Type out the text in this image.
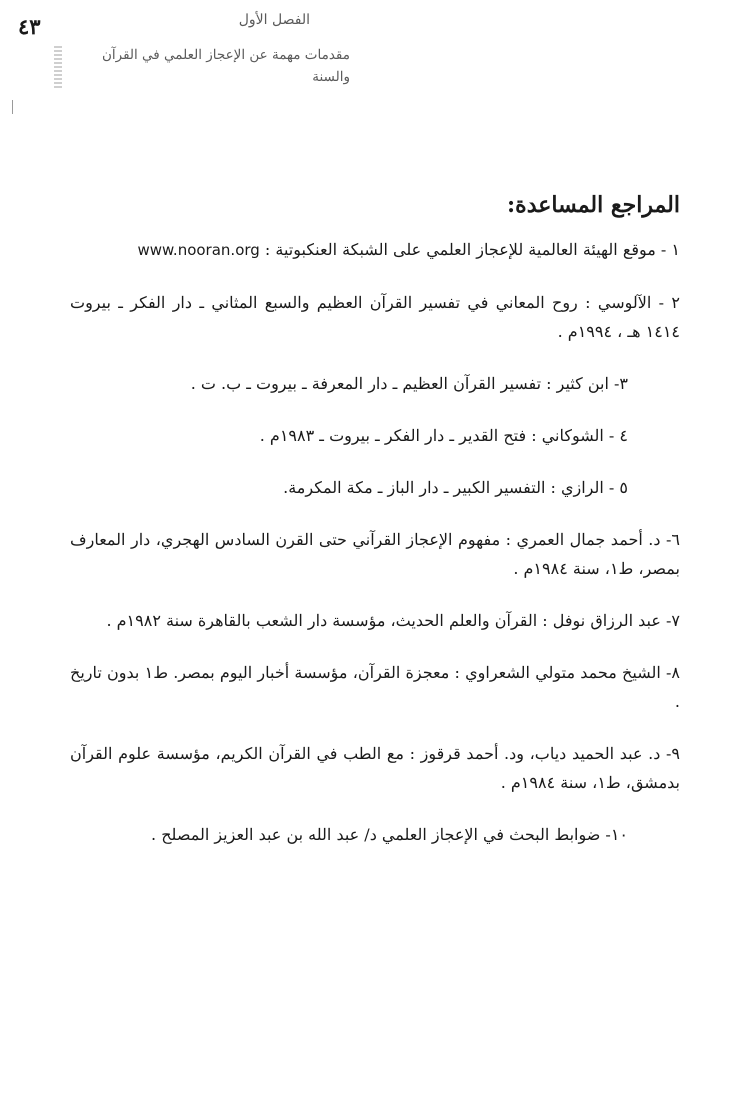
٤٣	الفصل الأول
مقدمات مهمة عن الإعجاز العلمي في القرآن والسنة
المراجع المساعدة:
١ - موقع الهيئة العالمية للإعجاز العلمي على الشبكة العنكبوتية : www.nooran.org
٢ - الآلوسي : روح المعاني في تفسير القرآن العظيم والسبع المثاني ـ دار الفكر ـ بيروت ١٤١٤ هـ ، ١٩٩٤م .
٣- ابن كثير : تفسير القرآن العظيم ـ دار المعرفة ـ بيروت ـ ب. ت .
٤ - الشوكاني : فتح القدير ـ دار الفكر ـ بيروت ـ ١٩٨٣م .
٥ - الرازي : التفسير الكبير ـ دار الباز ـ مكة المكرمة.
٦- د. أحمد جمال العمري : مفهوم الإعجاز القرآني حتى القرن السادس الهجري، دار المعارف بمصر، ط١، سنة ١٩٨٤م .
٧- عبد الرزاق نوفل : القرآن والعلم الحديث، مؤسسة دار الشعب بالقاهرة سنة ١٩٨٢م .
٨- الشيخ محمد متولي الشعراوي : معجزة القرآن، مؤسسة أخبار اليوم بمصر. ط١ بدون تاريخ .
٩- د. عبد الحميد دياب، ود. أحمد قرقوز : مع الطب في القرآن الكريم، مؤسسة علوم القرآن بدمشق، ط١، سنة ١٩٨٤م .
١٠- ضوابط البحث في الإعجاز العلمي د/ عبد الله بن عبد العزيز المصلح .
